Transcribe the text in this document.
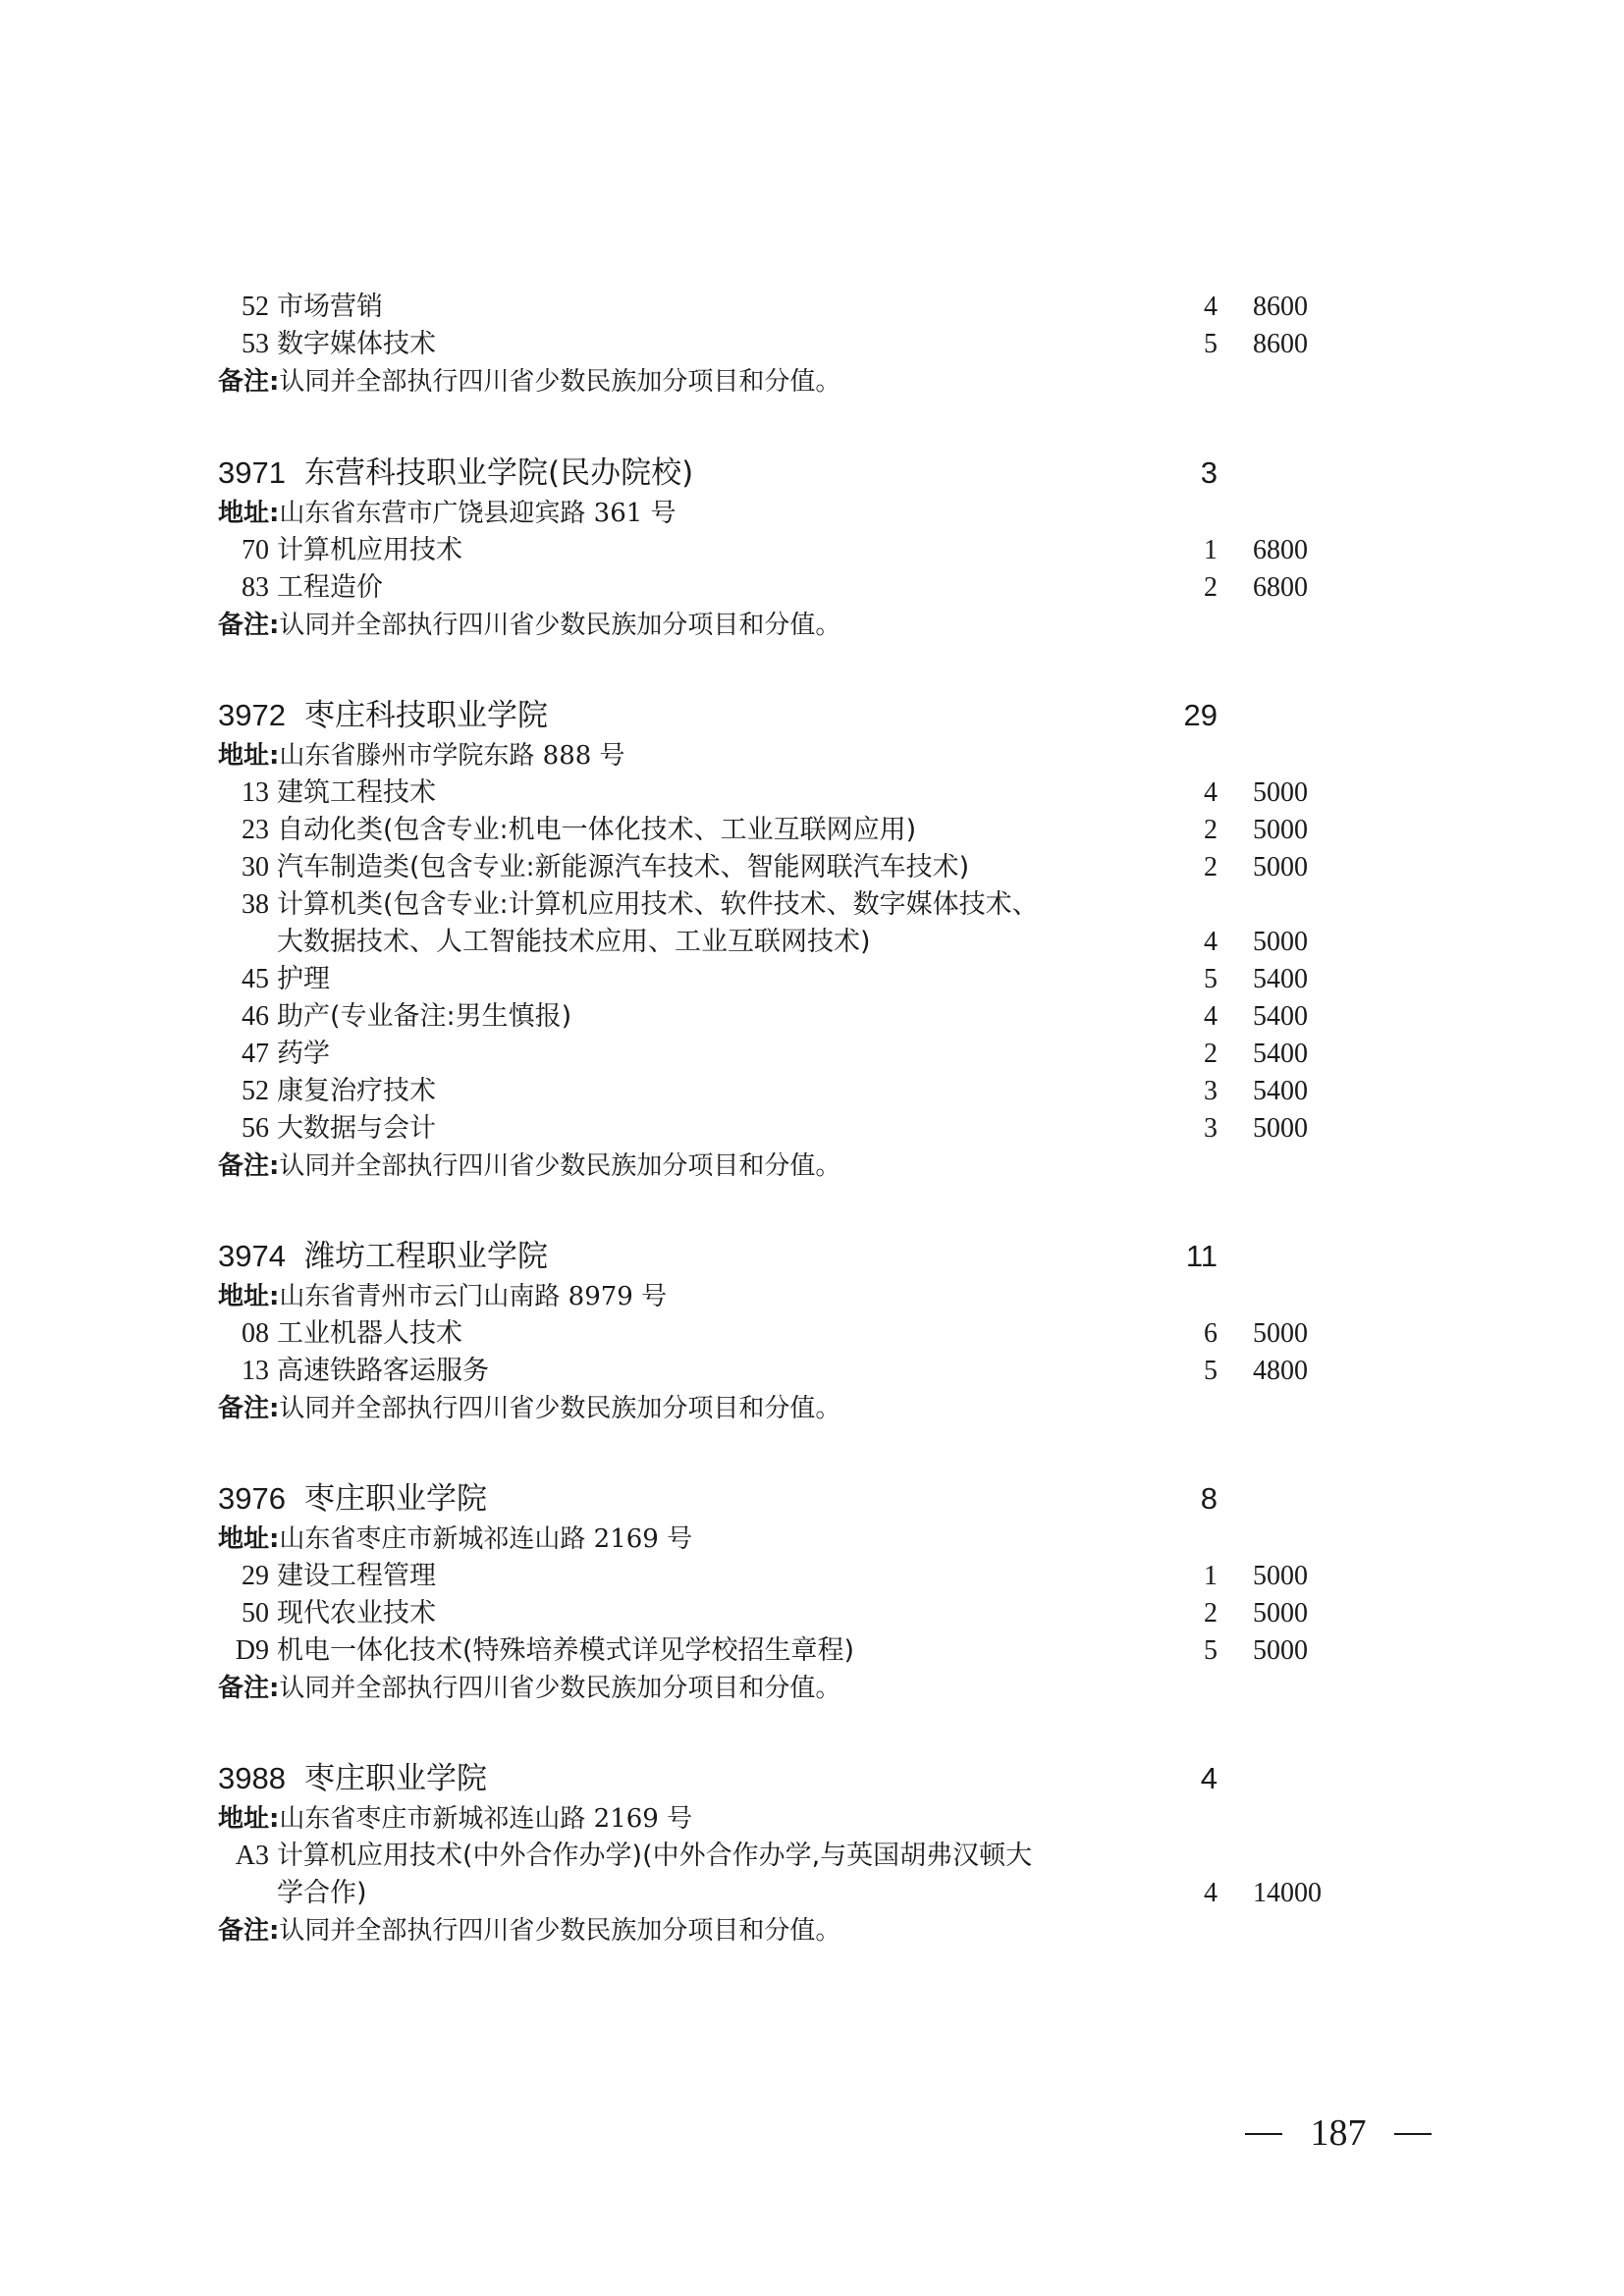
52 市场营销	4 8600
53 数字媒体技术	5 8600
备注:认同并全部执行四川省少数民族加分项目和分值。
3971 东营科技职业学院(民办院校)	3
地址:山东省东营市广饶县迎宾路 361 号
70 计算机应用技术	1 6800
83 工程造价	2 6800
备注:认同并全部执行四川省少数民族加分项目和分值。
3972 枣庄科技职业学院	29
地址:山东省滕州市学院东路 888 号
13 建筑工程技术	4 5000
23 自动化类(包含专业:机电一体化技术、工业互联网应用)	2 5000
30 汽车制造类(包含专业:新能源汽车技术、智能网联汽车技术)	2 5000
38 计算机类(包含专业:计算机应用技术、软件技术、数字媒体技术、
大数据技术、人工智能技术应用、工业互联网技术)	4 5000
45 护理	5 5400
46 助产(专业备注:男生慎报)	4 5400
47 药学	2 5400
52 康复治疗技术	3 5400
56 大数据与会计	3 5000
备注:认同并全部执行四川省少数民族加分项目和分值。
3974 潍坊工程职业学院	11
地址:山东省青州市云门山南路 8979 号
08 工业机器人技术	6 5000
13 高速铁路客运服务	5 4800
备注:认同并全部执行四川省少数民族加分项目和分值。
3976 枣庄职业学院	8
地址:山东省枣庄市新城祁连山路 2169 号
29 建设工程管理	1 5000
50 现代农业技术	2 5000
D9 机电一体化技术(特殊培养模式详见学校招生章程)	5 5000
备注:认同并全部执行四川省少数民族加分项目和分值。
3988 枣庄职业学院	4
地址:山东省枣庄市新城祁连山路 2169 号
A3 计算机应用技术(中外合作办学)(中外合作办学,与英国胡弗汉顿大
学合作)	4 14000
备注:认同并全部执行四川省少数民族加分项目和分值。
187
